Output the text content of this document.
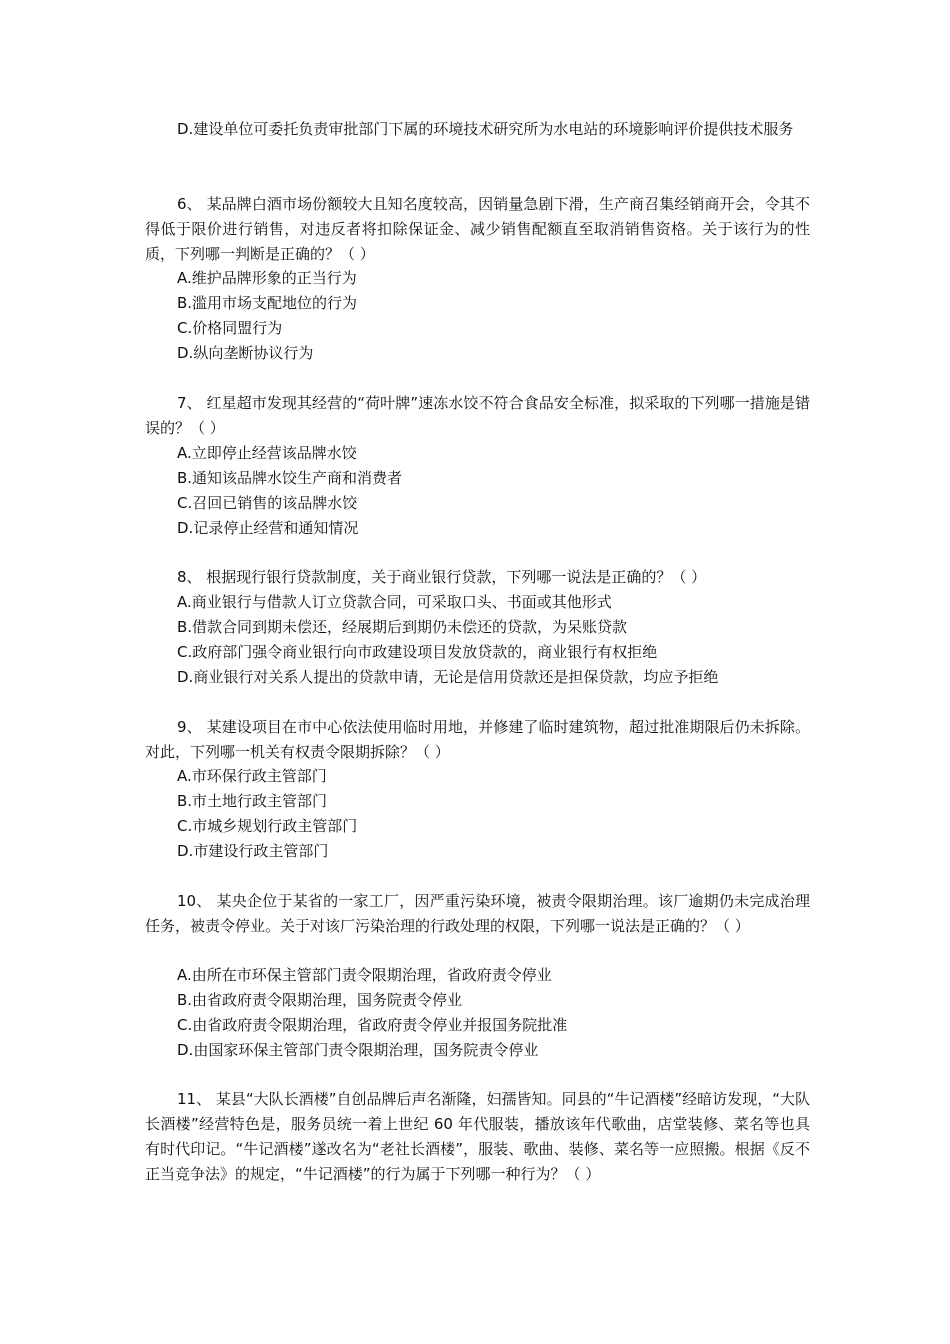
D.建设单位可委托负责审批部门下属的环境技术研究所为水电站的环境影响评价提供技术服务
6、 某品牌白酒市场份额较大且知名度较高，因销量急剧下滑，生产商召集经销商开会，令其不得低于限价进行销售，对违反者将扣除保证金、减少销售配额直至取消销售资格。关于该行为的性质，下列哪一判断是正确的？（ ）
A.维护品牌形象的正当行为
B.滥用市场支配地位的行为
C.价格同盟行为
D.纵向垄断协议行为
7、 红星超市发现其经营的“荷叶牌”速冻水饺不符合食品安全标准，拟采取的下列哪一措施是错误的？（ ）
A.立即停止经营该品牌水饺
B.通知该品牌水饺生产商和消费者
C.召回已销售的该品牌水饺
D.记录停止经营和通知情况
8、 根据现行银行贷款制度，关于商业银行贷款，下列哪一说法是正确的？（ ）
A.商业银行与借款人订立贷款合同，可采取口头、书面或其他形式
B.借款合同到期未偿还，经展期后到期仍未偿还的贷款，为呆账贷款
C.政府部门强令商业银行向市政建设项目发放贷款的，商业银行有权拒绝
D.商业银行对关系人提出的贷款申请，无论是信用贷款还是担保贷款，均应予拒绝
9、 某建设项目在市中心依法使用临时用地，并修建了临时建筑物，超过批准期限后仍未拆除。对此，下列哪一机关有权责令限期拆除？（ ）
A.市环保行政主管部门
B.市土地行政主管部门
C.市城乡规划行政主管部门
D.市建设行政主管部门
10、 某央企位于某省的一家工厂，因严重污染环境，被责令限期治理。该厂逾期仍未完成治理任务，被责令停业。关于对该厂污染治理的行政处理的权限，下列哪一说法是正确的？（ ）
A.由所在市环保主管部门责令限期治理，省政府责令停业
B.由省政府责令限期治理，国务院责令停业
C.由省政府责令限期治理，省政府责令停业并报国务院批准
D.由国家环保主管部门责令限期治理，国务院责令停业
11、 某县“大队长酒楼”自创品牌后声名渐隆，妇孺皆知。同县的“牛记酒楼”经暗访发现，“大队长酒楼”经营特色是，服务员统一着上世纪 60 年代服装，播放该年代歌曲，店堂装修、菜名等也具有时代印记。“牛记酒楼”遂改名为“老社长酒楼”，服装、歌曲、装修、菜名等一应照搬。根据《反不正当竞争法》的规定，“牛记酒楼”的行为属于下列哪一种行为？（ ）
